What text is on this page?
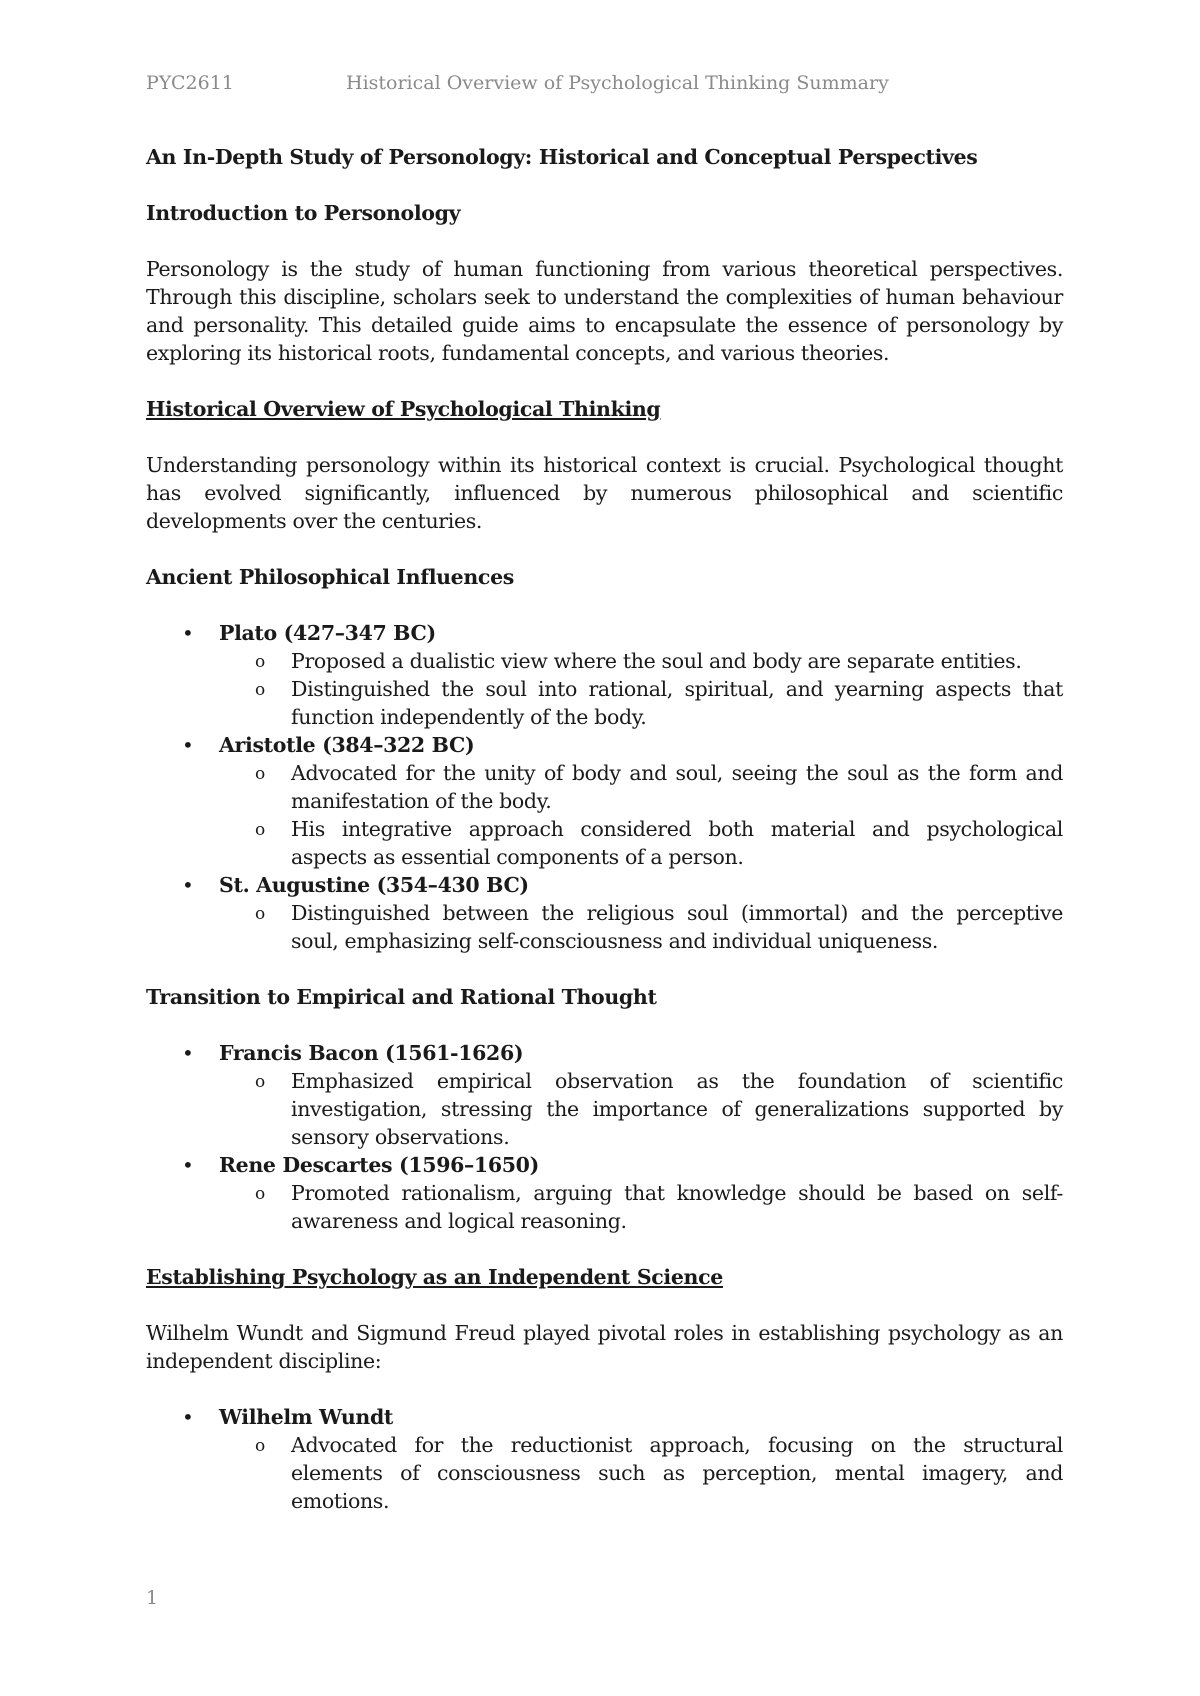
PYC2611	Historical Overview of Psychological Thinking Summary
An In-Depth Study of Personology: Historical and Conceptual Perspectives
Introduction to Personology

Personology is the study of human functioning from various theoretical perspectives. Through this discipline, scholars seek to understand the complexities of human behaviour and personality. This detailed guide aims to encapsulate the essence of personology by exploring its historical roots, fundamental concepts, and various theories.

Historical Overview of Psychological Thinking

Understanding personology within its historical context is crucial. Psychological thought has evolved significantly, influenced by numerous philosophical and scientific developments over the centuries.

Ancient Philosophical Influences
• Plato (427–347 BC)
o Proposed a dualistic view where the soul and body are separate entities.
o Distinguished the soul into rational, spiritual, and yearning aspects that function independently of the body.
• Aristotle (384–322 BC)
o Advocated for the unity of body and soul, seeing the soul as the form and manifestation of the body.
o His integrative approach considered both material and psychological aspects as essential components of a person.
• St. Augustine (354–430 BC)
o Distinguished between the religious soul (immortal) and the perceptive soul, emphasizing self-consciousness and individual uniqueness.
Transition to Empirical and Rational Thought
• Francis Bacon (1561-1626)
o Emphasized empirical observation as the foundation of scientific investigation, stressing the importance of generalizations supported by sensory observations.
• Rene Descartes (1596–1650)
o Promoted rationalism, arguing that knowledge should be based on self-awareness and logical reasoning.
Establishing Psychology as an Independent Science

Wilhelm Wundt and Sigmund Freud played pivotal roles in establishing psychology as an independent discipline:

• Wilhelm Wundt
o Advocated for the reductionist approach, focusing on the structural elements of consciousness such as perception, mental imagery, and emotions.
1
